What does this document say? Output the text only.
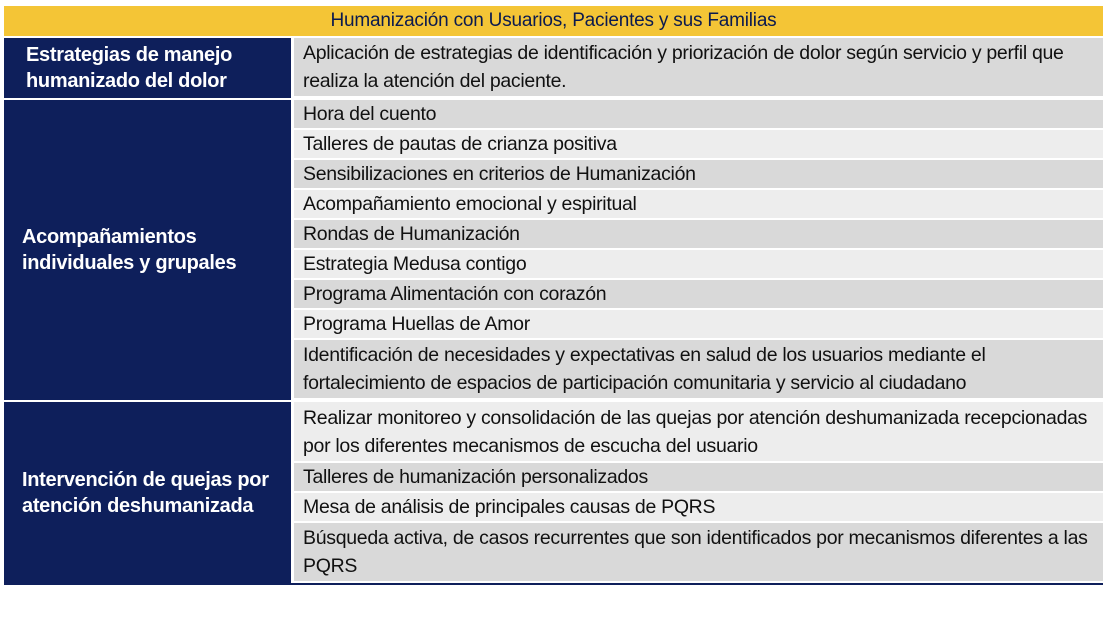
Humanización con Usuarios, Pacientes y sus Familias
Estrategias de manejo humanizado del dolor
Aplicación de estrategias de identificación y priorización de dolor según servicio y perfil que realiza la atención del paciente.
Acompañamientos individuales y grupales
Hora del cuento
Talleres de pautas de crianza positiva
Sensibilizaciones en criterios de Humanización
Acompañamiento emocional y espiritual
Rondas de Humanización
Estrategia Medusa contigo
Programa Alimentación con corazón
Programa Huellas de Amor
Identificación de necesidades y expectativas en salud de los usuarios mediante el fortalecimiento de espacios de participación comunitaria y servicio al ciudadano
Intervención de quejas por atención deshumanizada
Realizar monitoreo y consolidación de las quejas por atención deshumanizada recepcionadas por los diferentes mecanismos de escucha del usuario
Talleres de humanización personalizados
Mesa de análisis de principales causas de PQRS
Búsqueda activa, de casos recurrentes que son identificados por mecanismos diferentes a las PQRS
